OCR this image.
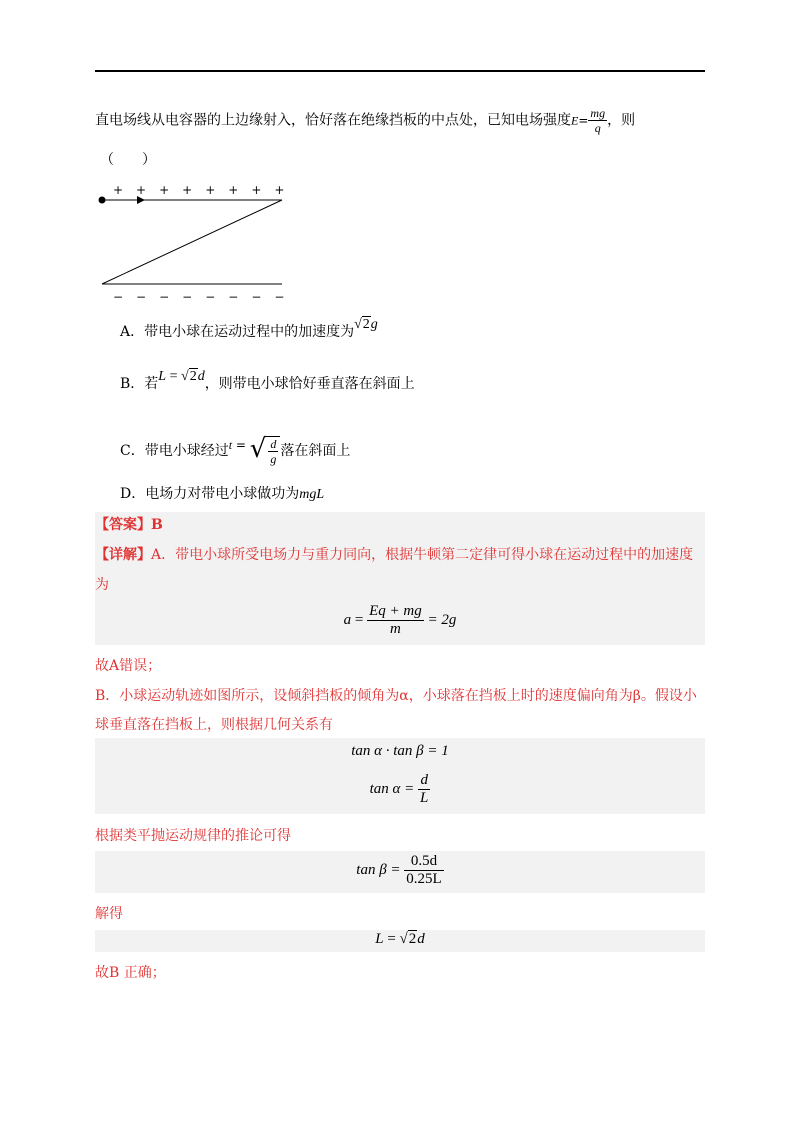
直电场线从电容器的上边缘射入，恰好落在绝缘挡板的中点处，已知电场强度$E= \frac{mg}{q}$ ，则
（　　）
+　+　+　+　+　+　+　+
−　−　−　−　−　−　−　−
A．带电小球在运动过程中的加速度为√2g
B．若L = √2d，则带电小球恰好垂直落在斜面上
C．带电小球经过t = √ $\frac{d}{g}$ 落在斜面上
D．电场力对带电小球做功为mgL
【答案】B
【详解】A．带电小球所受电场力与重力同向，根据牛顿第二定律可得小球在运动过程中的加速度
为
$a = \frac{Eq + mg}{m} = 2g$
故A错误；
B．小球运动轨迹如图所示，设倾斜挡板的倾角为α，小球落在挡板上时的速度偏向角为β。假设小
球垂直落在挡板上，则根据几何关系有
tan α · tan β = 1
$\tan \alpha = \frac{d}{L}$
根据类平抛运动规律的推论可得
$\tan \beta = \frac{0.5d}{0.25L}$
解得
L = √2d
故B 正确；
